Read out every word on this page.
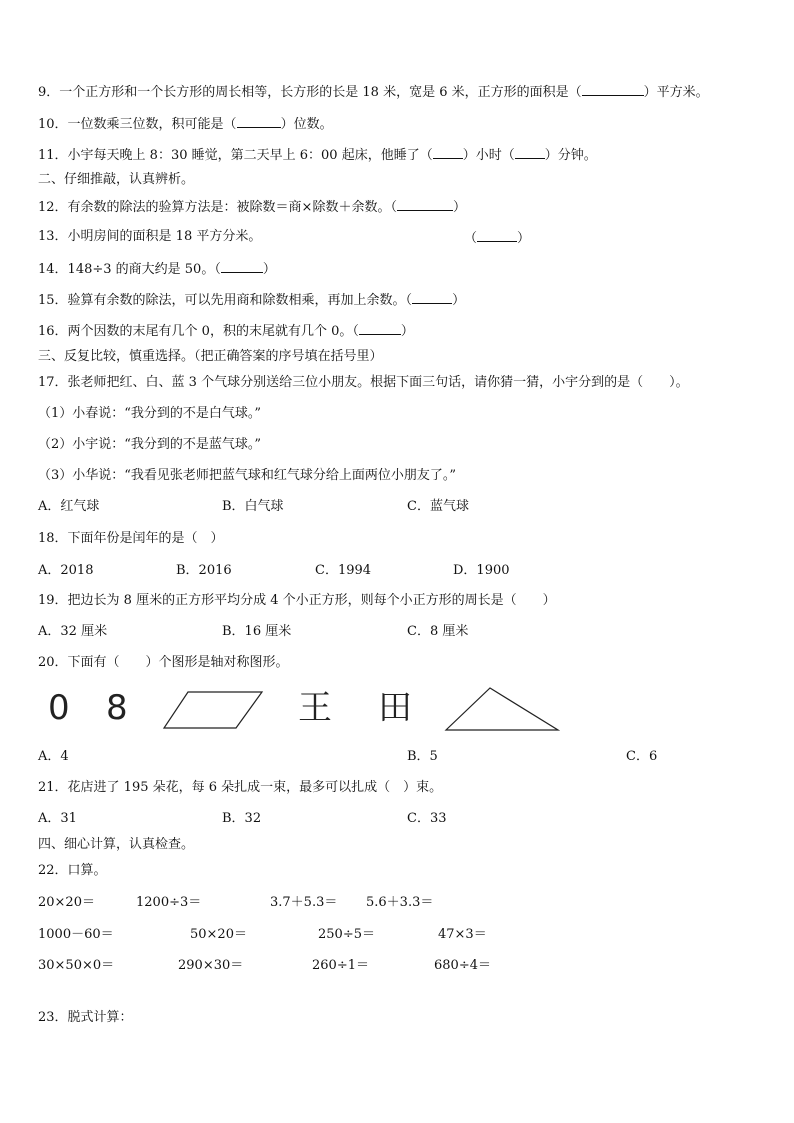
9．一个正方形和一个长方形的周长相等，长方形的长是 18 米，宽是 6 米，正方形的面积是（	）平方米。
10．一位数乘三位数，积可能是（	）位数。
11．小宇每天晚上 8：30 睡觉，第二天早上 6：00 起床，他睡了（ ）小时（ ）分钟。
二、仔细推敲，认真辨析。
12．有余数的除法的验算方法是：被除数＝商×除数＋余数。（	）
13．小明房间的面积是 18 平方分米。	（	）
14．148÷3 的商大约是 50。（	）
15．验算有余数的除法，可以先用商和除数相乘，再加上余数。（	）
16．两个因数的末尾有几个 0，积的末尾就有几个 0。（	）
三、反复比较，慎重选择。（把正确答案的序号填在括号里）
17．张老师把红、白、蓝 3 个气球分别送给三位小朋友。根据下面三句话，请你猜一猜，小宇分到的是（　　）。
（1）小春说：“我分到的不是白气球。”
（2）小宇说：“我分到的不是蓝气球。”
（3）小华说：“我看见张老师把蓝气球和红气球分给上面两位小朋友了。”
A．红气球	B．白气球	C．蓝气球
18．下面年份是闰年的是（　）
A．2018	B．2016	C．1994	D．1900
19．把边长为 8 厘米的正方形平均分成 4 个小正方形，则每个小正方形的周长是（　　）
A．32 厘米	B．16 厘米	C．8 厘米
20．下面有（　　）个图形是轴对称图形。
0 8	王 田
A．4	B．5	C．6
21．花店进了 195 朵花，每 6 朵扎成一束，最多可以扎成（　）束。
A．31	B．32	C．33
四、细心计算，认真检查。
22．口算。
20×20＝	1200÷3＝	3.7＋5.3＝ 5.6＋3.3＝
1000－60＝	50×20＝	250÷5＝	47×3＝
30×50×0＝	290×30＝	260÷1＝	680÷4＝
23．脱式计算：
